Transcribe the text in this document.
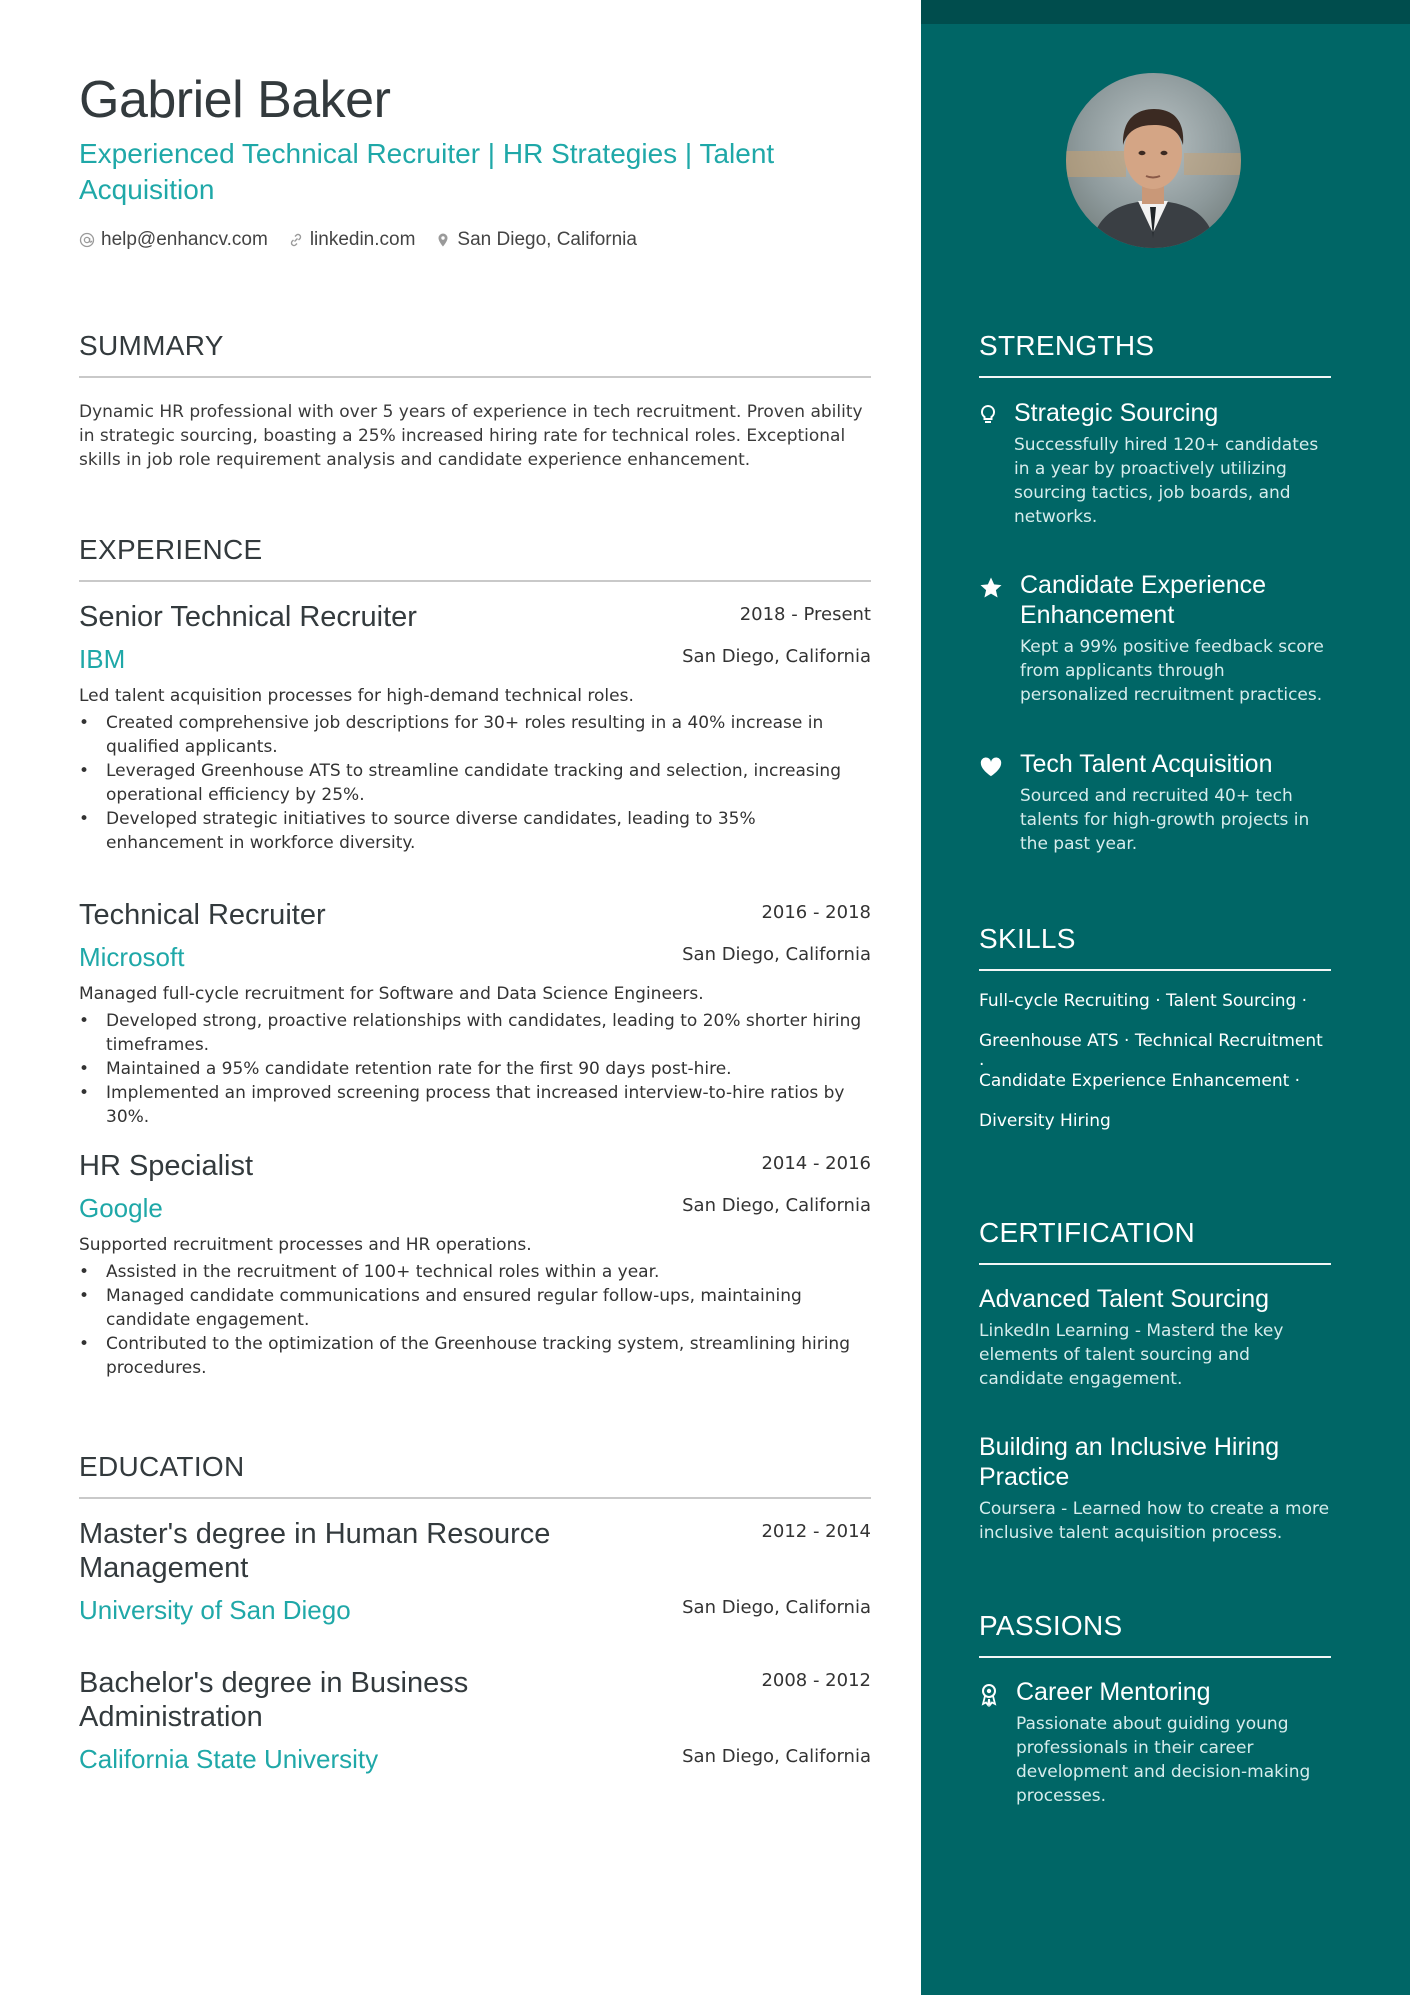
Gabriel Baker
Experienced Technical Recruiter | HR Strategies | Talent Acquisition
help@enhancv.com linkedin.com San Diego, California
SUMMARY
Dynamic HR professional with over 5 years of experience in tech recruitment. Proven ability in strategic sourcing, boasting a 25% increased hiring rate for technical roles. Exceptional skills in job role requirement analysis and candidate experience enhancement.
EXPERIENCE
Senior Technical Recruiter	2018 - Present
IBM	San Diego, California
Led talent acquisition processes for high-demand technical roles.
• Created comprehensive job descriptions for 30+ roles resulting in a 40% increase in qualified applicants.
• Leveraged Greenhouse ATS to streamline candidate tracking and selection, increasing operational efficiency by 25%.
• Developed strategic initiatives to source diverse candidates, leading to 35% enhancement in workforce diversity.
Technical Recruiter	2016 - 2018
Microsoft	San Diego, California
Managed full-cycle recruitment for Software and Data Science Engineers.
• Developed strong, proactive relationships with candidates, leading to 20% shorter hiring timeframes.
• Maintained a 95% candidate retention rate for the first 90 days post-hire.
• Implemented an improved screening process that increased interview-to-hire ratios by 30%.
HR Specialist	2014 - 2016
Google	San Diego, California
Supported recruitment processes and HR operations.
• Assisted in the recruitment of 100+ technical roles within a year.
• Managed candidate communications and ensured regular follow-ups, maintaining candidate engagement.
• Contributed to the optimization of the Greenhouse tracking system, streamlining hiring procedures.
EDUCATION
Master's degree in Human Resource Management
2012 - 2014
University of San Diego	San Diego, California
Bachelor's degree in Business Administration
2008 - 2012
California State University	San Diego, California
STRENGTHS
Strategic Sourcing
Successfully hired 120+ candidates in a year by proactively utilizing sourcing tactics, job boards, and networks.
Candidate Experience Enhancement
Kept a 99% positive feedback score from applicants through personalized recruitment practices.
Tech Talent Acquisition
Sourced and recruited 40+ tech talents for high-growth projects in the past year.
SKILLS
Full-cycle Recruiting · Talent Sourcing ·
Greenhouse ATS · Technical Recruitment ·
Candidate Experience Enhancement ·
Diversity Hiring
CERTIFICATION
Advanced Talent Sourcing
LinkedIn Learning - Masterd the key elements of talent sourcing and candidate engagement.
Building an Inclusive Hiring Practice
Coursera - Learned how to create a more inclusive talent acquisition process.
PASSIONS
Career Mentoring
Passionate about guiding young professionals in their career development and decision-making processes.
